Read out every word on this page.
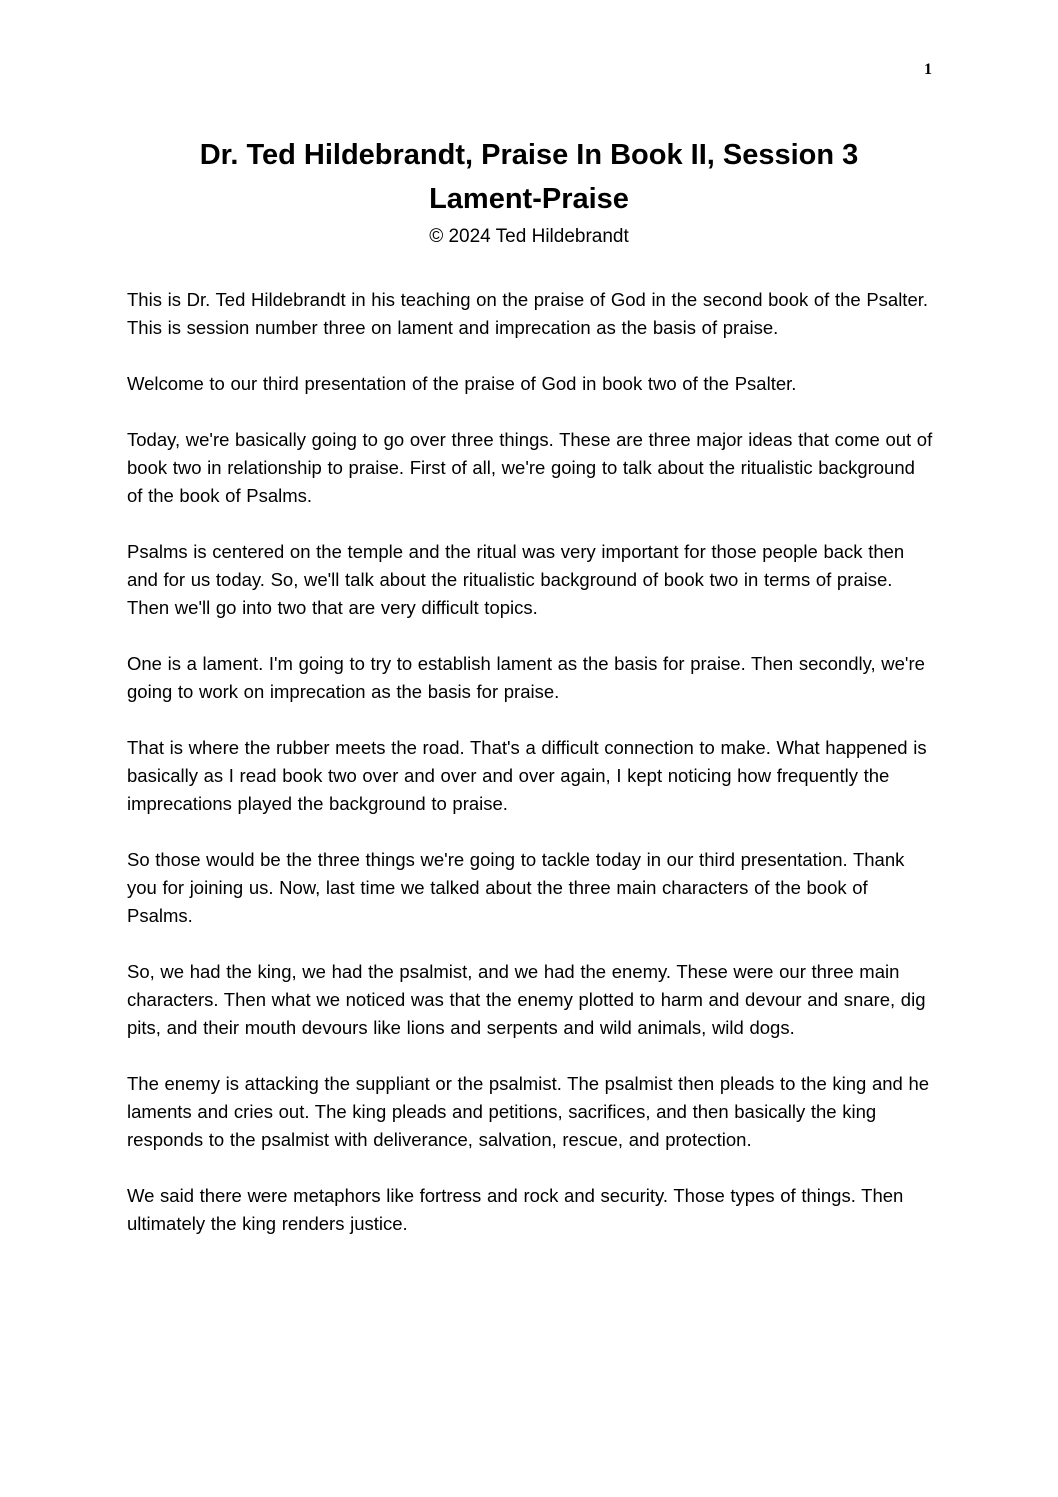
1
Dr. Ted Hildebrandt, Praise In Book II, Session 3
Lament-Praise
© 2024 Ted Hildebrandt

This is Dr. Ted Hildebrandt in his teaching on the praise of God in the second book of the Psalter. This is session number three on lament and imprecation as the basis of praise.

Welcome to our third presentation of the praise of God in book two of the Psalter.

Today, we're basically going to go over three things. These are three major ideas that come out of book two in relationship to praise. First of all, we're going to talk about the ritualistic background of the book of Psalms.

Psalms is centered on the temple and the ritual was very important for those people back then and for us today. So, we'll talk about the ritualistic background of book two in terms of praise. Then we'll go into two that are very difficult topics.

One is a lament. I'm going to try to establish lament as the basis for praise. Then secondly, we're going to work on imprecation as the basis for praise.

That is where the rubber meets the road. That's a difficult connection to make. What happened is basically as I read book two over and over and over again, I kept noticing how frequently the imprecations played the background to praise.

So those would be the three things we're going to tackle today in our third presentation. Thank you for joining us. Now, last time we talked about the three main characters of the book of Psalms.

So, we had the king, we had the psalmist, and we had the enemy. These were our three main characters. Then what we noticed was that the enemy plotted to harm and devour and snare, dig pits, and their mouth devours like lions and serpents and wild animals, wild dogs.

The enemy is attacking the suppliant or the psalmist. The psalmist then pleads to the king and he laments and cries out. The king pleads and petitions, sacrifices, and then basically the king responds to the psalmist with deliverance, salvation, rescue, and protection.

We said there were metaphors like fortress and rock and security. Those types of things. Then ultimately the king renders justice.
